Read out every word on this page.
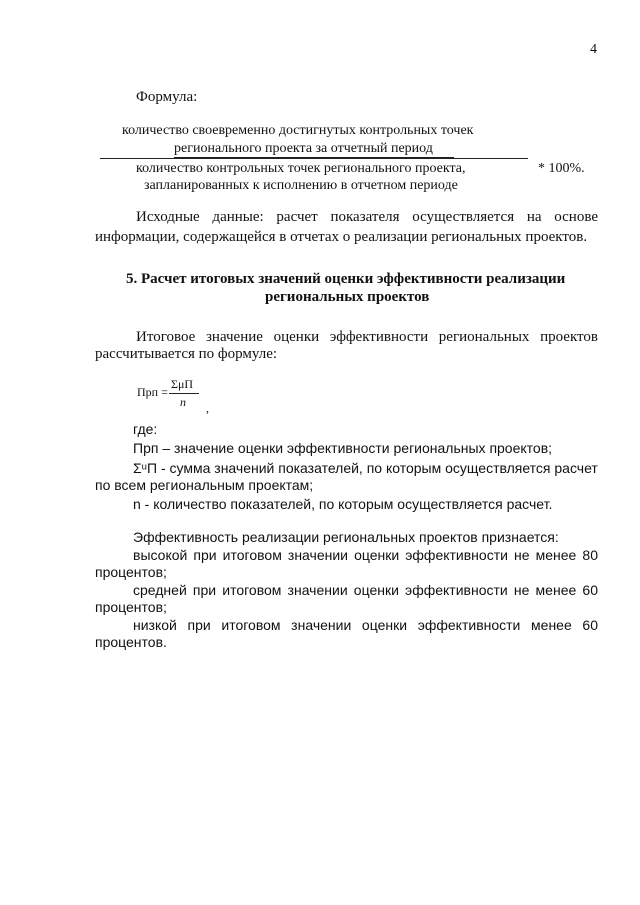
4
Формула:
количество своевременно достигнутых контрольных точек
регионального проекта за отчетный период
количество контрольных точек регионального проекта,	* 100%.
запланированных к исполнению в отчетном периоде
Исходные данные: расчет показателя осуществляется на основе
информации, содержащейся в отчетах о реализации региональных проектов.
5. Расчет итоговых значений оценки эффективности реализации
региональных проектов
Итоговое значение оценки эффективности региональных проектов
рассчитывается по формуле:
Прп =
ΣμП
n ,
где:
Прп – значение оценки эффективности региональных проектов;
ΣᵘП - сумма значений показателей, по которым осуществляется расчет
по всем региональным проектам;
n - количество показателей, по которым осуществляется расчет.
Эффективность реализации региональных проектов признается:
высокой при итоговом значении оценки эффективности не менее 80
процентов;
средней при итоговом значении оценки эффективности не менее 60
процентов;
низкой при итоговом значении оценки эффективности менее 60
процентов.
